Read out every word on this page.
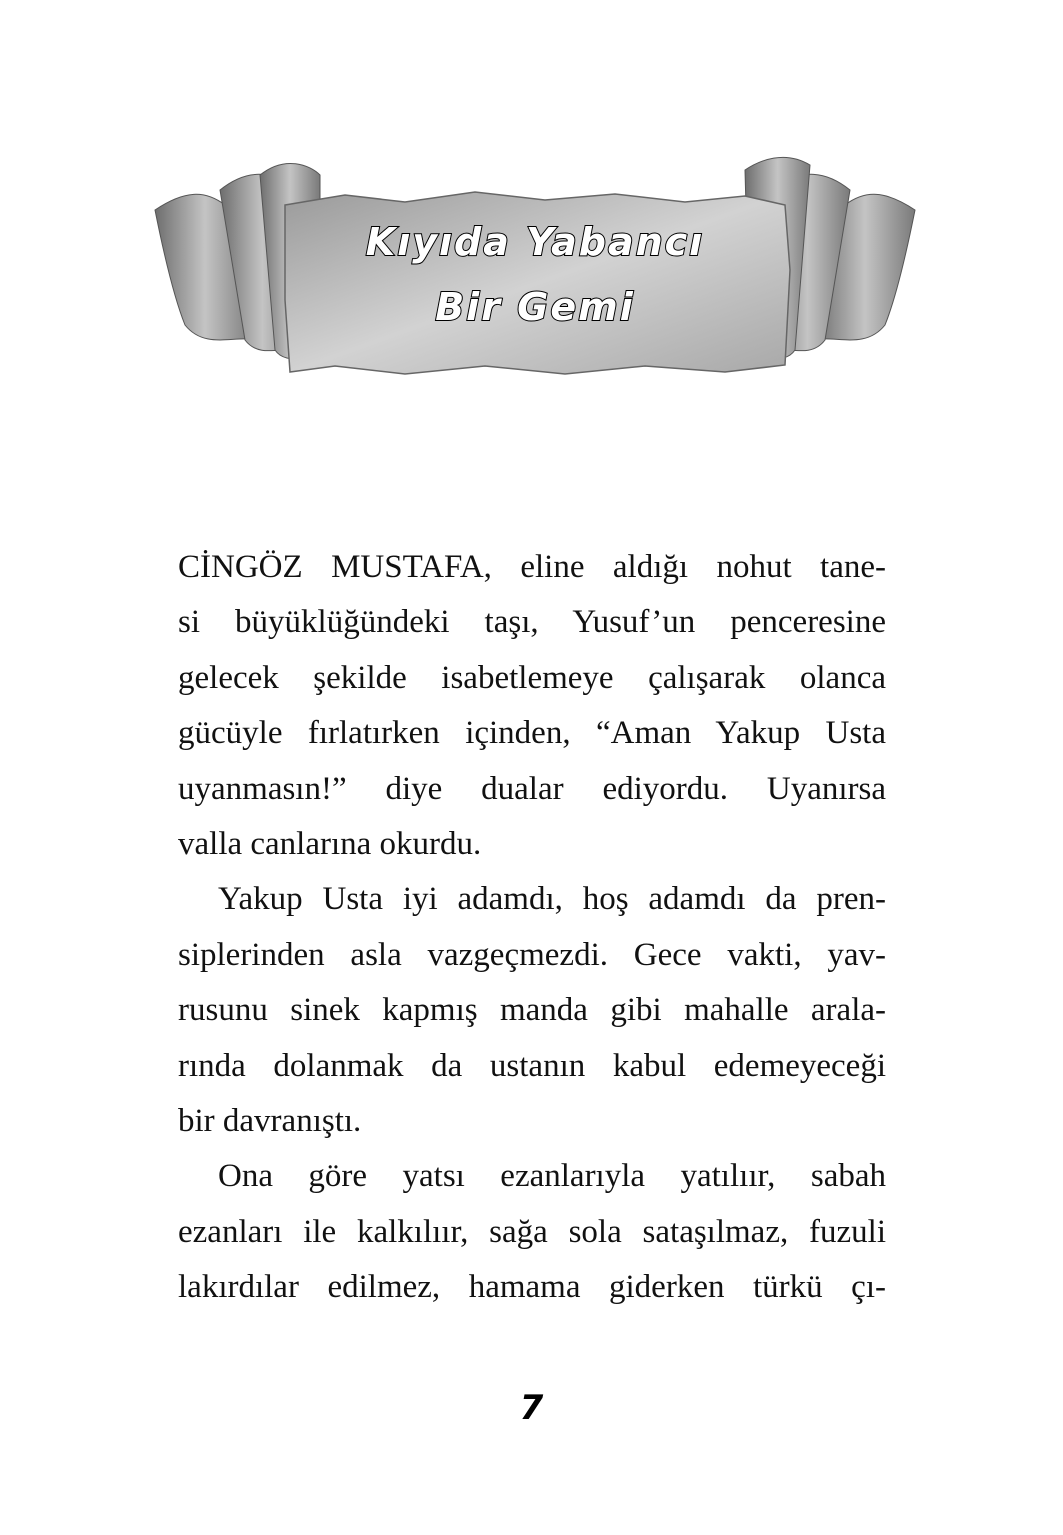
Kıyıda Yabancı
Bir Gemi
CİNGÖZ MUSTAFA, eline aldığı nohut tane-
si büyüklüğündeki taşı, Yusuf’un penceresine
gelecek şekilde isabetlemeye çalışarak olanca
gücüyle fırlatırken içinden, “Aman Yakup Usta
uyanmasın!” diye dualar ediyordu. Uyanırsa
valla canlarına okurdu.
Yakup Usta iyi adamdı, hoş adamdı da pren-
siplerinden asla vazgeçmezdi. Gece vakti, yav-
rusunu sinek kapmış manda gibi mahalle arala-
rında dolanmak da ustanın kabul edemeyeceği
bir davranıştı.
Ona göre yatsı ezanlarıyla yatılıır, sabah
ezanları ile kalkılıır, sağa sola sataşılmaz, fuzuli
lakırdılar edilmez, hamama giderken türkü çı-
7
